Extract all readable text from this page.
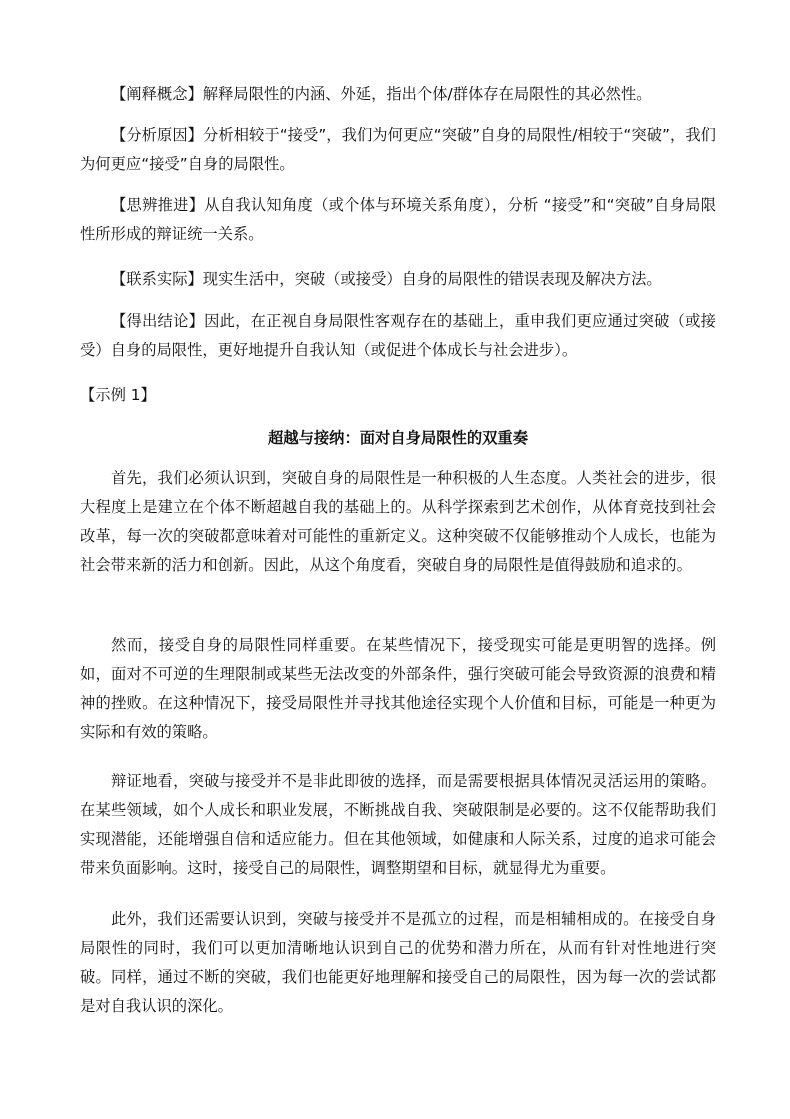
【阐释概念】解释局限性的内涵、外延，指出个体/群体存在局限性的其必然性。

【分析原因】分析相较于“接受”，我们为何更应“突破”自身的局限性/相较于“突破”，我们为何更应“接受”自身的局限性。

【思辨推进】从自我认知角度（或个体与环境关系角度），分析 “接受”和“突破”自身局限性所形成的辩证统一关系。

【联系实际】现实生活中，突破（或接受）自身的局限性的错误表现及解决方法。

【得出结论】因此，在正视自身局限性客观存在的基础上，重申我们更应通过突破（或接受）自身的局限性，更好地提升自我认知（或促进个体成长与社会进步）。

【示例 1】

超越与接纳：面对自身局限性的双重奏

首先，我们必须认识到，突破自身的局限性是一种积极的人生态度。人类社会的进步，很大程度上是建立在个体不断超越自我的基础上的。从科学探索到艺术创作，从体育竞技到社会改革，每一次的突破都意味着对可能性的重新定义。这种突破不仅能够推动个人成长，也能为社会带来新的活力和创新。因此，从这个角度看，突破自身的局限性是值得鼓励和追求的。

然而，接受自身的局限性同样重要。在某些情况下，接受现实可能是更明智的选择。例如，面对不可逆的生理限制或某些无法改变的外部条件，强行突破可能会导致资源的浪费和精神的挫败。在这种情况下，接受局限性并寻找其他途径实现个人价值和目标，可能是一种更为实际和有效的策略。

辩证地看，突破与接受并不是非此即彼的选择，而是需要根据具体情况灵活运用的策略。在某些领域，如个人成长和职业发展，不断挑战自我、突破限制是必要的。这不仅能帮助我们实现潜能，还能增强自信和适应能力。但在其他领域，如健康和人际关系，过度的追求可能会带来负面影响。这时，接受自己的局限性，调整期望和目标，就显得尤为重要。

此外，我们还需要认识到，突破与接受并不是孤立的过程，而是相辅相成的。在接受自身局限性的同时，我们可以更加清晰地认识到自己的优势和潜力所在，从而有针对性地进行突破。同样，通过不断的突破，我们也能更好地理解和接受自己的局限性，因为每一次的尝试都是对自我认识的深化。
